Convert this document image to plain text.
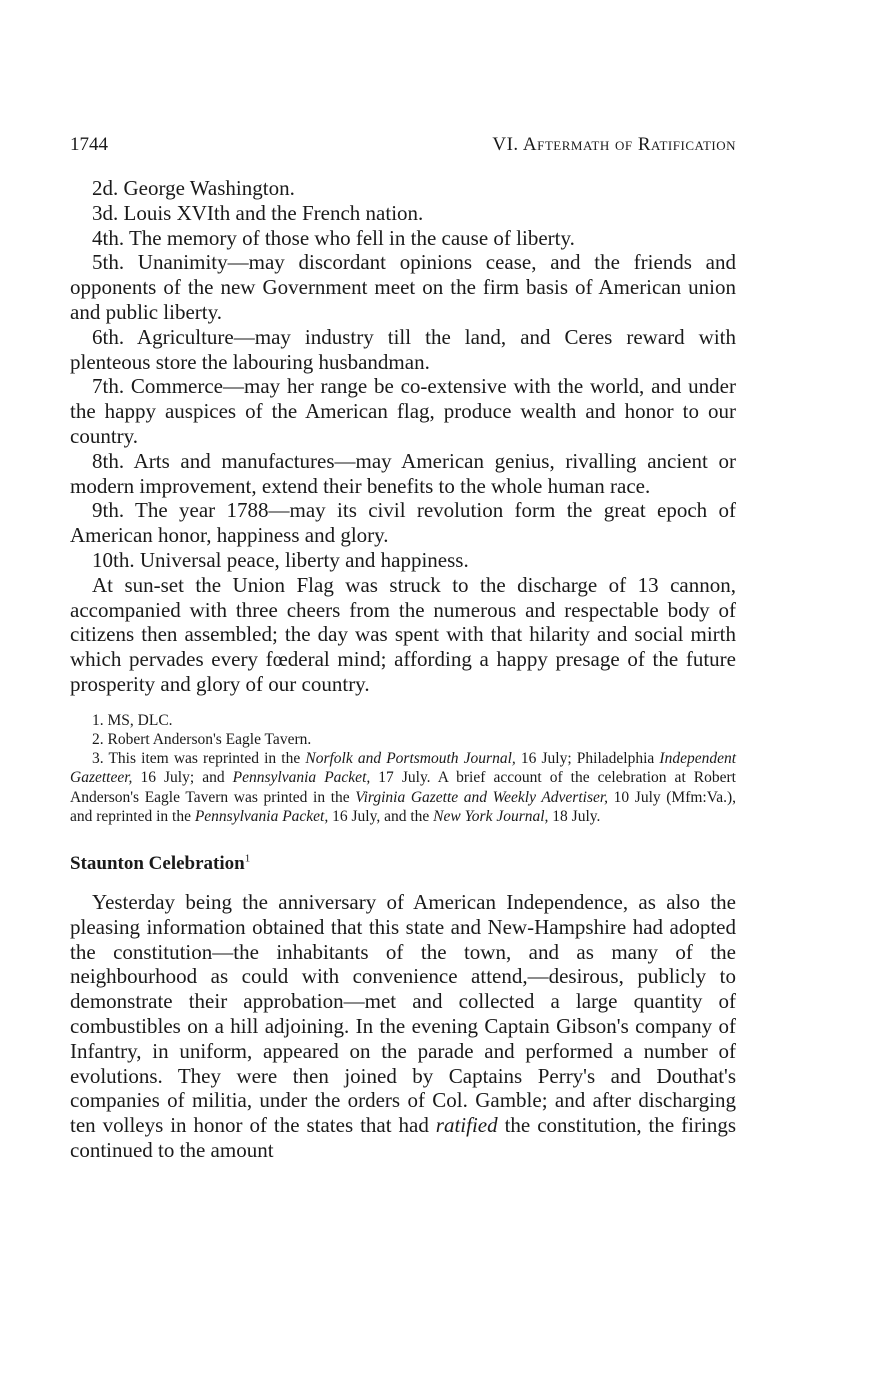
1744	VI. Aftermath of Ratification

2d. George Washington.

3d. Louis XVIth and the French nation.

4th. The memory of those who fell in the cause of liberty.

5th. Unanimity—may discordant opinions cease, and the friends and opponents of the new Government meet on the firm basis of American union and public liberty.

6th. Agriculture—may industry till the land, and Ceres reward with plenteous store the labouring husbandman.

7th. Commerce—may her range be co-extensive with the world, and under the happy auspices of the American flag, produce wealth and honor to our country.

8th. Arts and manufactures—may American genius, rivalling ancient or modern improvement, extend their benefits to the whole human race.

9th. The year 1788—may its civil revolution form the great epoch of American honor, happiness and glory.

10th. Universal peace, liberty and happiness.

At sun-set the Union Flag was struck to the discharge of 13 cannon, accompanied with three cheers from the numerous and respectable body of citizens then assembled; the day was spent with that hilarity and social mirth which pervades every fœderal mind; affording a happy presage of the future prosperity and glory of our country.

1. MS, DLC.

2. Robert Anderson's Eagle Tavern.

3. This item was reprinted in the Norfolk and Portsmouth Journal, 16 July; Philadelphia Independent Gazetteer, 16 July; and Pennsylvania Packet, 17 July. A brief account of the celebration at Robert Anderson's Eagle Tavern was printed in the Virginia Gazette and Weekly Advertiser, 10 July (Mfm:Va.), and reprinted in the Pennsylvania Packet, 16 July, and the New York Journal, 18 July.

Staunton Celebration$^1$

Yesterday being the anniversary of American Independence, as also the pleasing information obtained that this state and New-Hampshire had adopted the constitution—the inhabitants of the town, and as many of the neighbourhood as could with convenience attend,—desirous, publicly to demonstrate their approbation—met and collected a large quantity of combustibles on a hill adjoining. In the evening Captain Gibson's company of Infantry, in uniform, appeared on the parade and performed a number of evolutions. They were then joined by Captains Perry's and Douthat's companies of militia, under the orders of Col. Gamble; and after discharging ten volleys in honor of the states that had ratified the constitution, the firings continued to the amount
